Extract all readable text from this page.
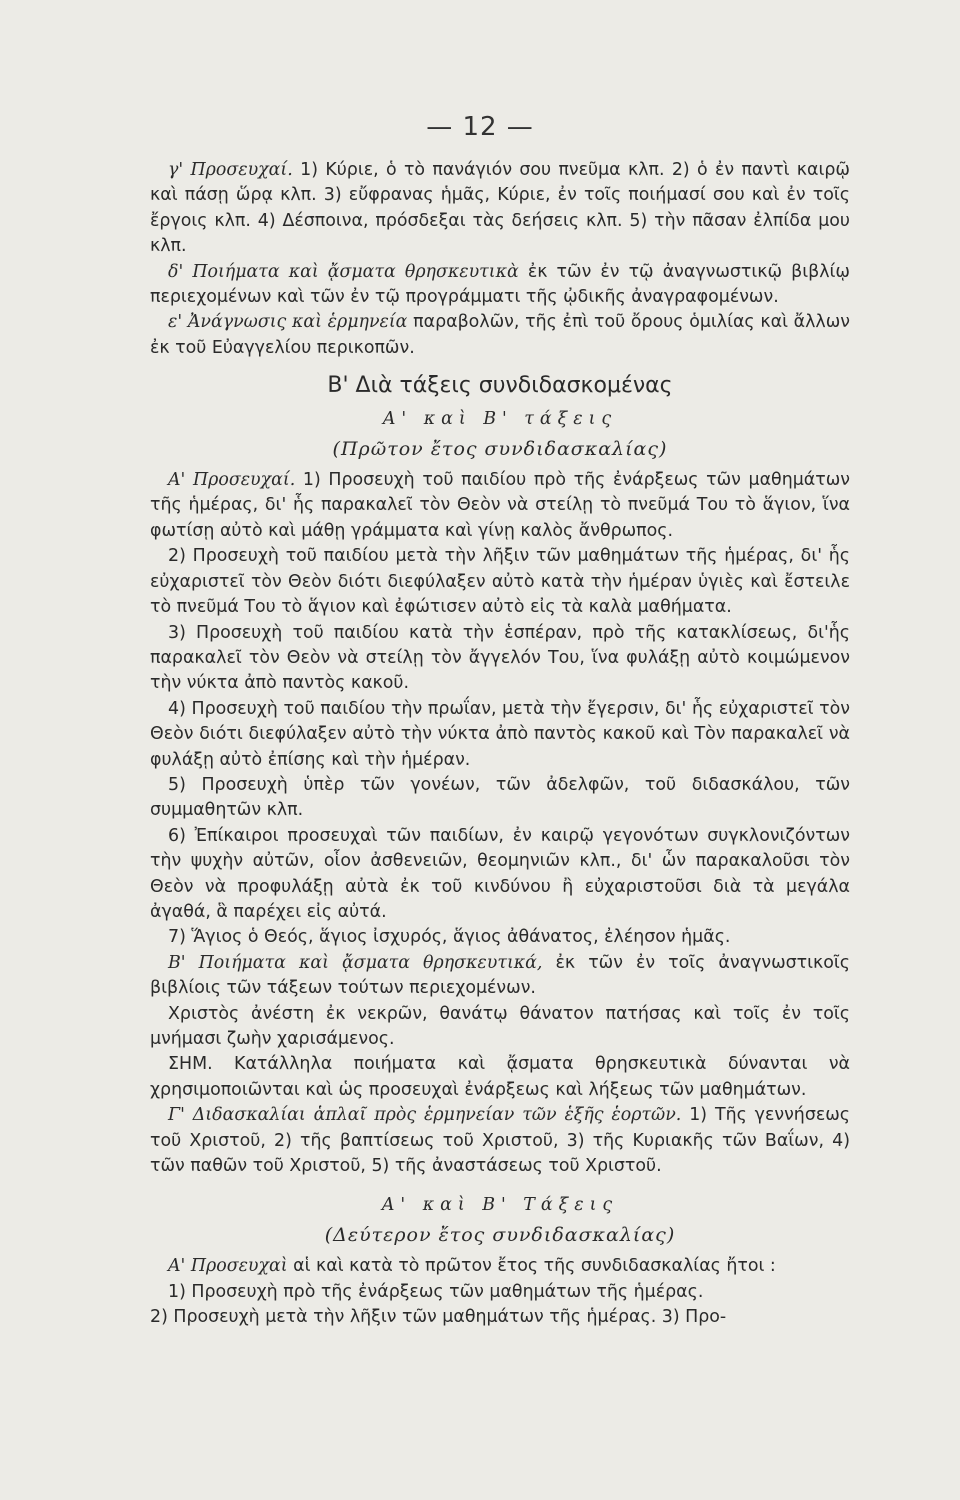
— 12 —

γ' Προσευχαί. 1) Κύριε, ὁ τὸ πανάγιόν σου πνεῦμα κλπ. 2) ὁ ἐν παντὶ καιρῷ καὶ πάσῃ ὥρᾳ κλπ. 3) εὔφρανας ἡμᾶς, Κύριε, ἐν τοῖς ποιήμασί σου καὶ ἐν τοῖς ἔργοις κλπ. 4) Δέσποινα, πρόσδεξαι τὰς δεήσεις κλπ. 5) τὴν πᾶσαν ἐλπίδα μου κλπ.

δ' Ποιήματα καὶ ᾄσματα θρησκευτικὰ ἐκ τῶν ἐν τῷ ἀναγνωστικῷ βιβλίῳ περιεχομένων καὶ τῶν ἐν τῷ προγράμματι τῆς ᾠδικῆς ἀναγραφομένων.

ε' Ἀνάγνωσις καὶ ἑρμηνεία παραβολῶν, τῆς ἐπὶ τοῦ ὄρους ὁμιλίας καὶ ἄλλων ἐκ τοῦ Εὐαγγελίου περικοπῶν.

Β' Διὰ τάξεις συνδιδασκομένας

Α' καὶ Β' τάξεις

(Πρῶτον ἔτος συνδιδασκαλίας)

Α' Προσευχαί. 1) Προσευχὴ τοῦ παιδίου πρὸ τῆς ἐνάρξεως τῶν μαθημάτων τῆς ἡμέρας, δι' ἧς παρακαλεῖ τὸν Θεὸν νὰ στείλῃ τὸ πνεῦμά Του τὸ ἅγιον, ἵνα φωτίσῃ αὐτὸ καὶ μάθῃ γράμματα καὶ γίνῃ καλὸς ἄνθρωπος.

2) Προσευχὴ τοῦ παιδίου μετὰ τὴν λῆξιν τῶν μαθημάτων τῆς ἡμέρας, δι' ἧς εὐχαριστεῖ τὸν Θεὸν διότι διεφύλαξεν αὐτὸ κατὰ τὴν ἡμέραν ὑγιὲς καὶ ἔστειλε τὸ πνεῦμά Του τὸ ἅγιον καὶ ἐφώτισεν αὐτὸ εἰς τὰ καλὰ μαθήματα.

3) Προσευχὴ τοῦ παιδίου κατὰ τὴν ἑσπέραν, πρὸ τῆς κατακλίσεως, δι'ἧς παρακαλεῖ τὸν Θεὸν νὰ στείλῃ τὸν ἄγγελόν Του, ἵνα φυλάξῃ αὐτὸ κοιμώμενον τὴν νύκτα ἀπὸ παντὸς κακοῦ.

4) Προσευχὴ τοῦ παιδίου τὴν πρωΐαν, μετὰ τὴν ἔγερσιν, δι' ἧς εὐχαριστεῖ τὸν Θεὸν διότι διεφύλαξεν αὐτὸ τὴν νύκτα ἀπὸ παντὸς κακοῦ καὶ Τὸν παρακαλεῖ νὰ φυλάξῃ αὐτὸ ἐπίσης καὶ τὴν ἡμέραν.

5) Προσευχὴ ὑπὲρ τῶν γονέων, τῶν ἀδελφῶν, τοῦ διδασκάλου, τῶν συμμαθητῶν κλπ.

6) Ἐπίκαιροι προσευχαὶ τῶν παιδίων, ἐν καιρῷ γεγονότων συγκλονιζόντων τὴν ψυχὴν αὐτῶν, οἷον ἀσθενειῶν, θεομηνιῶν κλπ., δι' ὧν παρακαλοῦσι τὸν Θεὸν νὰ προφυλάξῃ αὐτὰ ἐκ τοῦ κινδύνου ἢ εὐχαριστοῦσι διὰ τὰ μεγάλα ἀγαθά, ἃ παρέχει εἰς αὐτά.

7) Ἅγιος ὁ Θεός, ἅγιος ἰσχυρός, ἅγιος ἀθάνατος, ἐλέησον ἡμᾶς.

Β' Ποιήματα καὶ ᾄσματα θρησκευτικά, ἐκ τῶν ἐν τοῖς ἀναγνωστικοῖς βιβλίοις τῶν τάξεων τούτων περιεχομένων.

Χριστὸς ἀνέστη ἐκ νεκρῶν, θανάτῳ θάνατον πατήσας καὶ τοῖς ἐν τοῖς μνήμασι ζωὴν χαρισάμενος.

ΣΗΜ. Κατάλληλα ποιήματα καὶ ᾄσματα θρησκευτικὰ δύνανται νὰ χρησιμοποιῶνται καὶ ὡς προσευχαὶ ἐνάρξεως καὶ λήξεως τῶν μαθημάτων.

Γ' Διδασκαλίαι ἁπλαῖ πρὸς ἑρμηνείαν τῶν ἑξῆς ἑορτῶν. 1) Τῆς γεννήσεως τοῦ Χριστοῦ, 2) τῆς βαπτίσεως τοῦ Χριστοῦ, 3) τῆς Κυριακῆς τῶν Βαΐων, 4) τῶν παθῶν τοῦ Χριστοῦ, 5) τῆς ἀναστάσεως τοῦ Χριστοῦ.

Α' καὶ Β' Τάξεις

(Δεύτερον ἔτος συνδιδασκαλίας)

Α' Προσευχαὶ αἱ καὶ κατὰ τὸ πρῶτον ἔτος τῆς συνδιδασκαλίας ἤτοι :

1) Προσευχὴ πρὸ τῆς ἐνάρξεως τῶν μαθημάτων τῆς ἡμέρας.

2) Προσευχὴ μετὰ τὴν λῆξιν τῶν μαθημάτων τῆς ἡμέρας. 3) Προ-
